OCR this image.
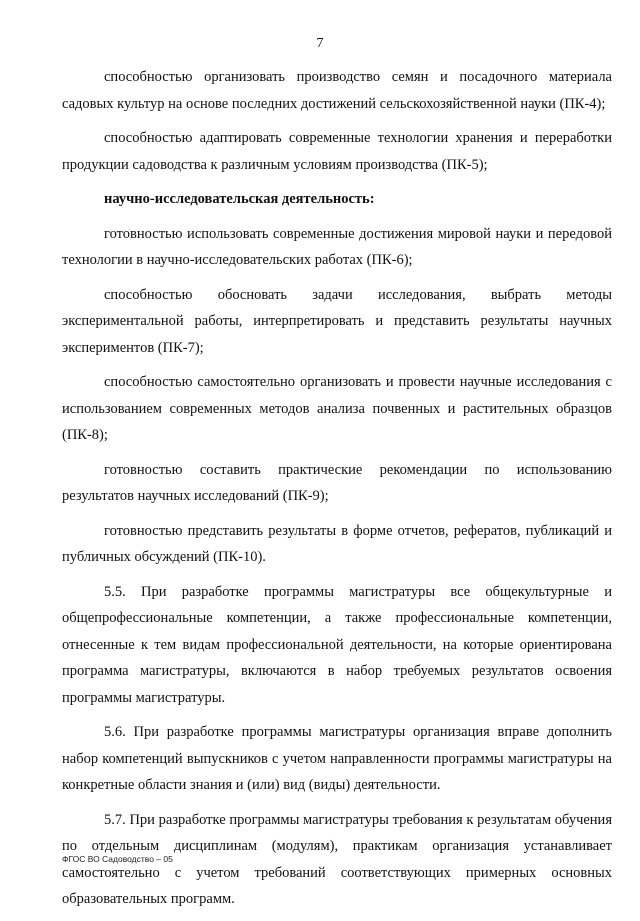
7

способностью организовать производство семян и посадочного материала садовых культур на основе последних достижений сельскохозяйственной науки (ПК-4);

способностью адаптировать современные технологии хранения и переработки продукции садоводства к различным условиям производства (ПК-5);

научно-исследовательская деятельность:

готовностью использовать современные достижения мировой науки и передовой технологии в научно-исследовательских работах (ПК-6);

способностью обосновать задачи исследования, выбрать методы экспериментальной работы, интерпретировать и представить результаты научных экспериментов (ПК-7);

способностью самостоятельно организовать и провести научные исследования с использованием современных методов анализа почвенных и растительных образцов (ПК-8);

готовностью составить практические рекомендации по использованию результатов научных исследований (ПК-9);

готовностью представить результаты в форме отчетов, рефератов, публикаций и публичных обсуждений (ПК-10).

5.5. При разработке программы магистратуры все общекультурные и общепрофессиональные компетенции, а также профессиональные компетенции, отнесенные к тем видам профессиональной деятельности, на которые ориентирована программа магистратуры, включаются в набор требуемых результатов освоения программы магистратуры.

5.6. При разработке программы магистратуры организация вправе дополнить набор компетенций выпускников с учетом направленности программы магистратуры на конкретные области знания и (или) вид (виды) деятельности.

5.7. При разработке программы магистратуры требования к результатам обучения по отдельным дисциплинам (модулям), практикам организация устанавливает самостоятельно с учетом требований соответствующих примерных основных образовательных программ.

ФГОС ВО Садоводство – 05
